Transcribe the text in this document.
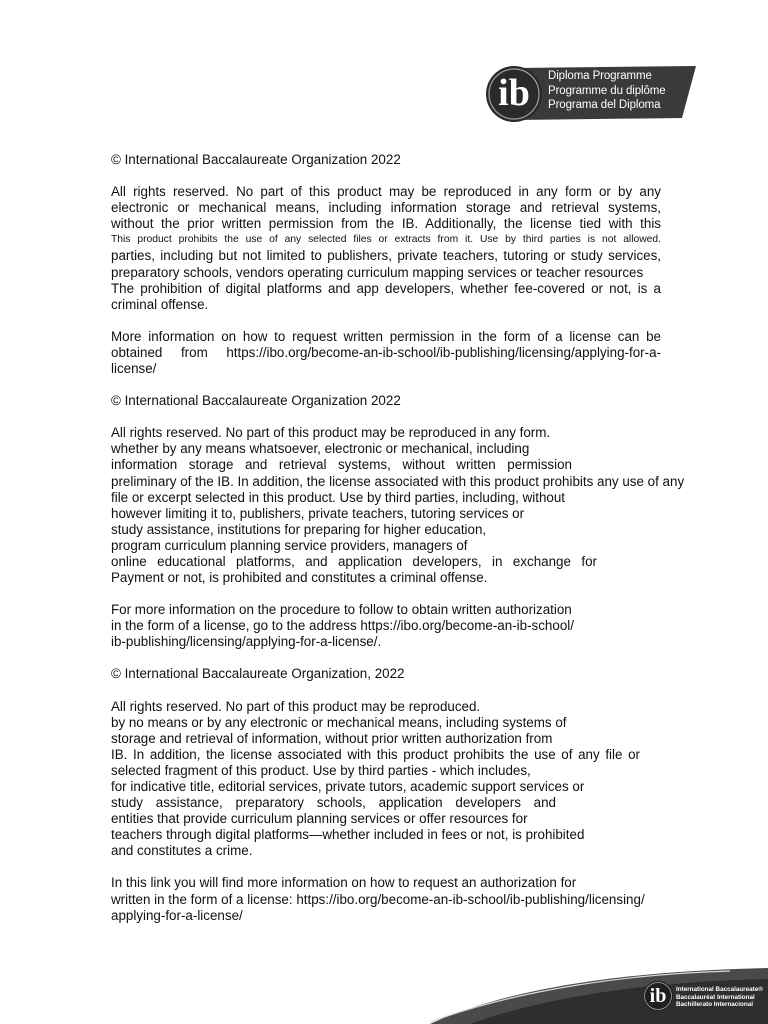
ib	Diploma Programme
Programme du diplôme
Programa del Diploma
© International Baccalaureate Organization 2022
All rights reserved. No part of this product may be reproduced in any form or by any
electronic or mechanical means, including information storage and retrieval systems,
without the prior written permission from the IB. Additionally, the license tied with this
This product prohibits the use of any selected files or extracts from it. Use by third parties is not allowed.
parties, including but not limited to publishers, private teachers, tutoring or study services,
preparatory schools, vendors operating curriculum mapping services or teacher resources
The prohibition of digital platforms and app developers, whether fee-covered or not, is a
criminal offense.
More information on how to request written permission in the form of a license can be
obtained from https://ibo.org/become-an-ib-school/ib-publishing/licensing/applying-for-a-
license/
© International Baccalaureate Organization 2022
All rights reserved. No part of this product may be reproduced in any form.
whether by any means whatsoever, electronic or mechanical, including
information storage and retrieval systems, without written permission
preliminary of the IB. In addition, the license associated with this product prohibits any use of any
file or excerpt selected in this product. Use by third parties, including, without
however limiting it to, publishers, private teachers, tutoring services or
study assistance, institutions for preparing for higher education,
program curriculum planning service providers, managers of
online educational platforms, and application developers, in exchange for
Payment or not, is prohibited and constitutes a criminal offense.
For more information on the procedure to follow to obtain written authorization
in the form of a license, go to the address https://ibo.org/become-an-ib-school/
ib-publishing/licensing/applying-for-a-license/.
© International Baccalaureate Organization, 2022
All rights reserved. No part of this product may be reproduced.
by no means or by any electronic or mechanical means, including systems of
storage and retrieval of information, without prior written authorization from
IB. In addition, the license associated with this product prohibits the use of any file or
selected fragment of this product. Use by third parties - which includes,
for indicative title, editorial services, private tutors, academic support services or
study assistance, preparatory schools, application developers and
entities that provide curriculum planning services or offer resources for
teachers through digital platforms—whether included in fees or not, is prohibited
and constitutes a crime.
In this link you will find more information on how to request an authorization for
written in the form of a license: https://ibo.org/become-an-ib-school/ib-publishing/licensing/
applying-for-a-license/
ib	International Baccalaureate®
Baccalauréat International
Bachillerato Internacional
